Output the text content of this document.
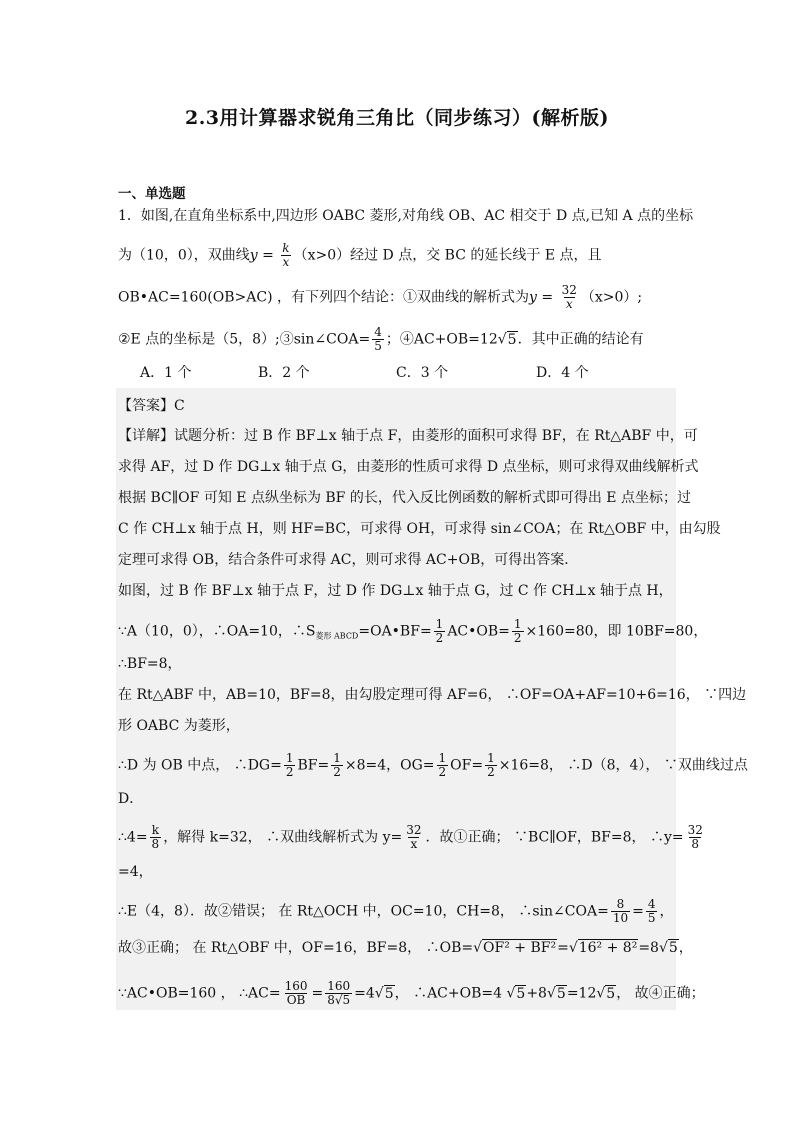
2.3用计算器求锐角三角比（同步练习）(解析版)
一、单选题
1．如图,在直角坐标系中,四边形 OABC 菱形,对角线 OB、AC 相交于 D 点,已知 A 点的坐标
为（10，0），双曲线$y = \frac{k}{x} (x>0)$经过 D 点，交 BC 的延长线于 E 点，且
OB•AC=160(OB>AC) ，有下列四个结论：①双曲线的解析式为$y = \frac{32}{x} (x>0)$;
②E 点的坐标是（5，8）;③sin∠COA= $\frac{4}{5}$ ；④AC+OB=12√5．其中正确的结论有
A．1 个	B．2 个	C．3 个	D．4 个
【答案】C
【详解】试题分析：过 B 作 BF⊥x 轴于点 F，由菱形的面积可求得 BF，在 Rt△ABF 中，可
求得 AF，过 D 作 DG⊥x 轴于点 G，由菱形的性质可求得 D 点坐标，则可求得双曲线解析式
根据 BC∥OF 可知 E 点纵坐标为 BF 的长，代入反比例函数的解析式即可得出 E 点坐标；过
C 作 CH⊥x 轴于点 H，则 HF=BC，可求得 OH，可求得 sin∠COA；在 Rt△OBF 中，由勾股
定理可求得 OB，结合条件可求得 AC，则可求得 AC+OB，可得出答案．
如图，过 B 作 BF⊥x 轴于点 F，过 D 作 DG⊥x 轴于点 G，过 C 作 CH⊥x 轴于点 H，
∵A（10，0），∴OA=10，$\therefore S_{菱形 ABCD}=OA•BF= \frac{1}{2}$ AC•OB= $\frac{1}{2} \times 160=80$，即 10BF=80，
∴BF=8，
在 Rt△ABF 中，AB=10，BF=8，由勾股定理可得 AF=6， ∴OF=OA+AF=10+6=16， ∵四边
形 OABC 为菱形，
∴D 为 OB 中点， ∴DG= $\frac{1}{2} BF= \frac{1}{2} \times 8=4$，$OG= \frac{1}{2} OF= \frac{1}{2} \times 16=8$， ∴D（8，4）， ∵双曲线过点
D．
∴4= $\frac{k}{8}$ ，解得 k=32， ∴双曲线解析式为 $y= \frac{32}{x}$ ．故①正确； ∵BC∥OF，BF=8， ∴y= $\frac{32}{8}$
=4，
∴E（4，8）．故②错误； 在 Rt△OCH 中，OC=10，CH=8， ∴sin∠COA= $\frac{8}{10} = \frac{4}{5}$ ，
故③正确； 在 Rt△OBF 中，OF=16，BF=8， ∴OB=√OF² + BF²=√16² + 8²=8√5，
∵AC•OB=160 ， ∴AC= $\frac{160}{OB} = \frac{160}{8√5} =4√5$， ∴AC+OB=4 √5+8√5=12√5， 故④正确；
